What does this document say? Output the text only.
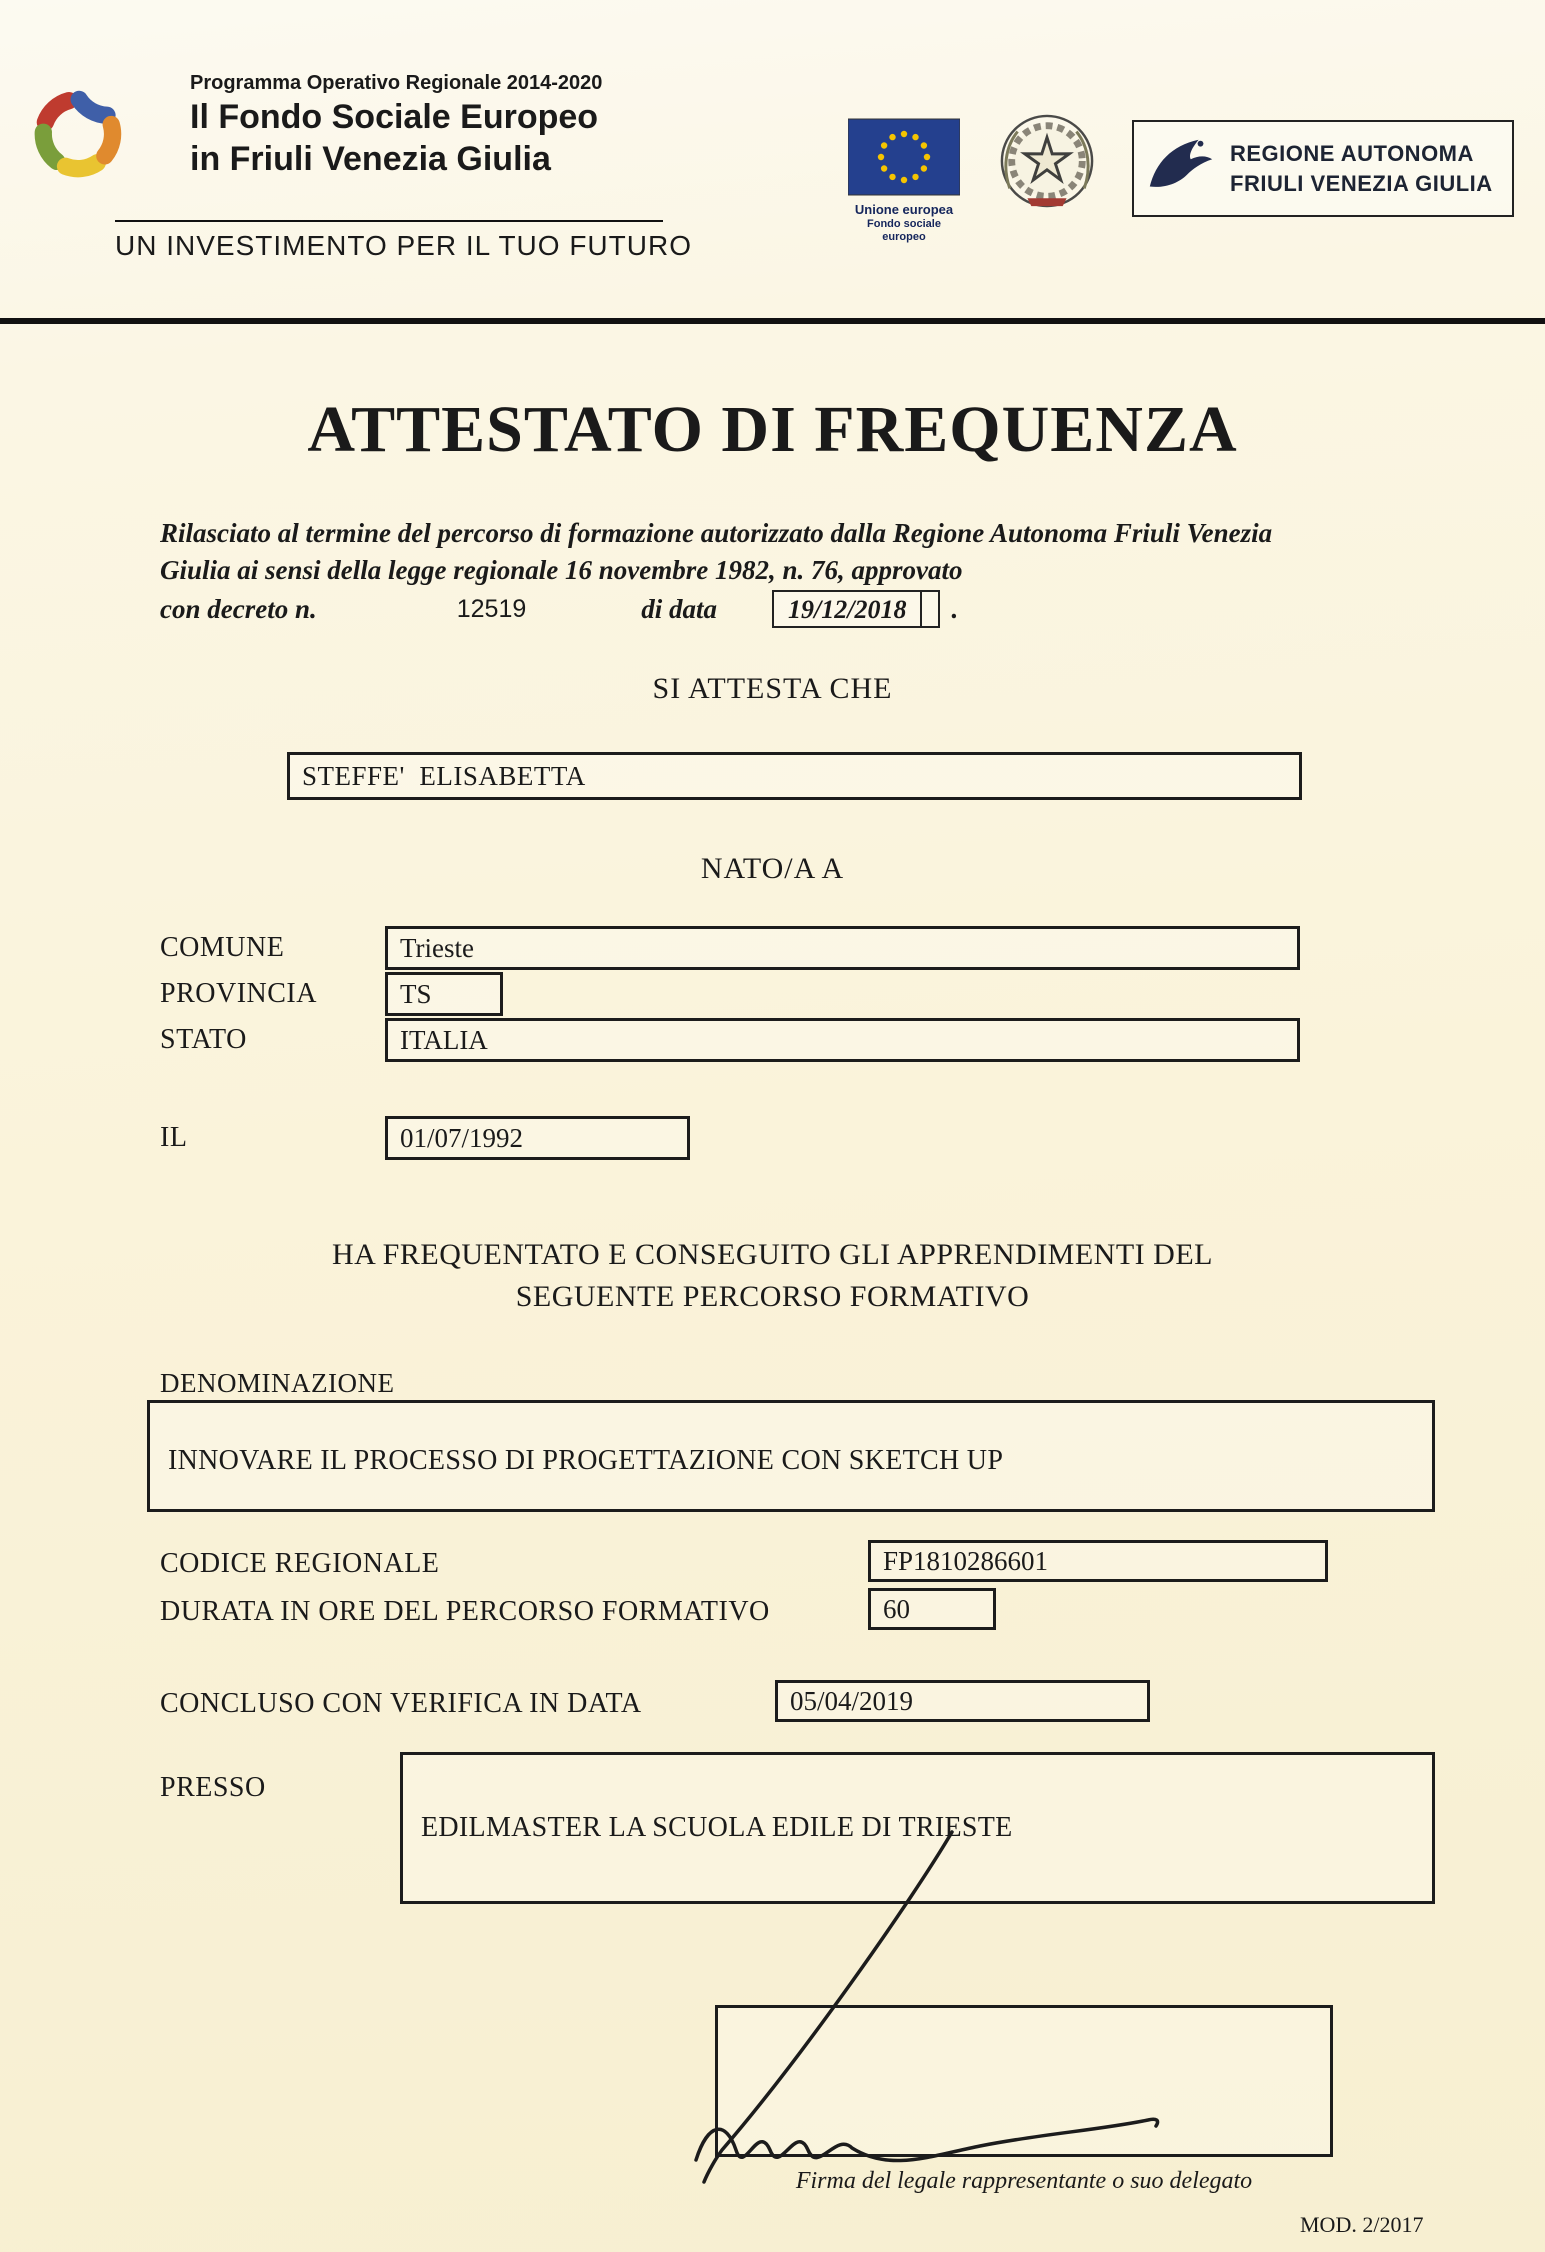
Programma Operativo Regionale 2014-2020
Il Fondo Sociale Europeo
in Friuli Venezia Giulia
UN INVESTIMENTO PER IL TUO FUTURO
Unione europea
Fondo sociale europeo
REGIONE AUTONOMA
FRIULI VENEZIA GIULIA
ATTESTATO DI FREQUENZA
Rilasciato al termine del percorso di formazione autorizzato dalla Regione Autonoma Friuli Venezia
Giulia ai sensi della legge regionale 16 novembre 1982, n. 76, approvato
con decreto n.	12519	di data	19/12/2018	.
SI ATTESTA CHE
STEFFE'  ELISABETTA
NATO/A A
COMUNE	Trieste
PROVINCIA	TS
STATO	ITALIA
IL	01/07/1992
HA FREQUENTATO E CONSEGUITO GLI APPRENDIMENTI DEL
SEGUENTE PERCORSO FORMATIVO
DENOMINAZIONE
INNOVARE IL PROCESSO DI PROGETTAZIONE CON SKETCH UP
CODICE REGIONALE	FP1810286601
DURATA IN ORE DEL PERCORSO FORMATIVO	60
CONCLUSO CON VERIFICA IN DATA	05/04/2019
PRESSO
EDILMASTER LA SCUOLA EDILE DI TRIESTE
Firma del legale rappresentante o suo delegato
MOD. 2/2017
